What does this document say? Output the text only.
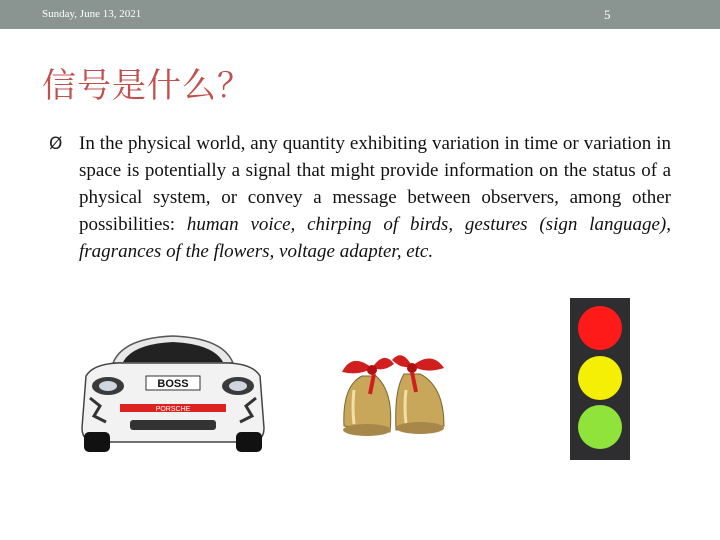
Sunday, June 13, 2021	5
信号是什么？
Ø In the physical world, any quantity exhibiting variation in time or variation in space is potentially a signal that might provide information on the status of a physical system, or convey a message between observers, among other possibilities: human voice, chirping of birds, gestures (sign language), fragrances of the flowers, voltage adapter, etc.
BOSS
PORSCHE
